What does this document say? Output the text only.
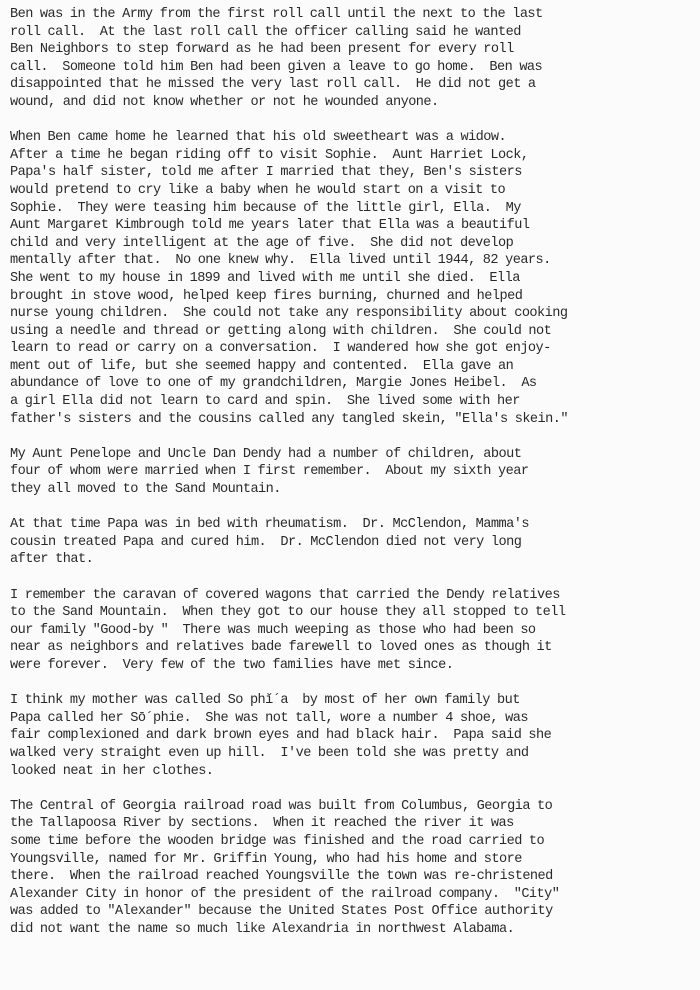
Ben was in the Army from the first roll call until the next to the last
roll call.  At the last roll call the officer calling said he wanted
Ben Neighbors to step forward as he had been present for every roll
call.  Someone told him Ben had been given a leave to go home.  Ben was
disappointed that he missed the very last roll call.  He did not get a
wound, and did not know whether or not he wounded anyone.
When Ben came home he learned that his old sweetheart was a widow.
After a time he began riding off to visit Sophie.  Aunt Harriet Lock,
Papa's half sister, told me after I married that they, Ben's sisters
would pretend to cry like a baby when he would start on a visit to
Sophie.  They were teasing him because of the little girl, Ella.  My
Aunt Margaret Kimbrough told me years later that Ella was a beautiful
child and very intelligent at the age of five.  She did not develop
mentally after that.  No one knew why.  Ella lived until 1944, 82 years.
She went to my house in 1899 and lived with me until she died.  Ella
brought in stove wood, helped keep fires burning, churned and helped
nurse young children.  She could not take any responsibility about cooking
using a needle and thread or getting along with children.  She could not
learn to read or carry on a conversation.  I wandered how she got enjoy-
ment out of life, but she seemed happy and contented.  Ella gave an
abundance of love to one of my grandchildren, Margie Jones Heibel.  As
a girl Ella did not learn to card and spin.  She lived some with her
father's sisters and the cousins called any tangled skein, "Ella's skein."
My Aunt Penelope and Uncle Dan Dendy had a number of children, about
four of whom were married when I first remember.  About my sixth year
they all moved to the Sand Mountain.
At that time Papa was in bed with rheumatism.  Dr. McClendon, Mamma's
cousin treated Papa and cured him.  Dr. McClendon died not very long
after that.
I remember the caravan of covered wagons that carried the Dendy relatives
to the Sand Mountain.  When they got to our house they all stopped to tell
our family "Good-by "  There was much weeping as those who had been so
near as neighbors and relatives bade farewell to loved ones as though it
were forever.  Very few of the two families have met since.
I think my mother was called So phĭ´a  by most of her own family but
Papa called her Sō´phie.  She was not tall, wore a number 4 shoe, was
fair complexioned and dark brown eyes and had black hair.  Papa said she
walked very straight even up hill.  I've been told she was pretty and
looked neat in her clothes.
The Central of Georgia railroad road was built from Columbus, Georgia to
the Tallapoosa River by sections.  When it reached the river it was
some time before the wooden bridge was finished and the road carried to
Youngsville, named for Mr. Griffin Young, who had his home and store
there.  When the railroad reached Youngsville the town was re-christened
Alexander City in honor of the president of the railroad company.  "City"
was added to "Alexander" because the United States Post Office authority
did not want the name so much like Alexandria in northwest Alabama.
